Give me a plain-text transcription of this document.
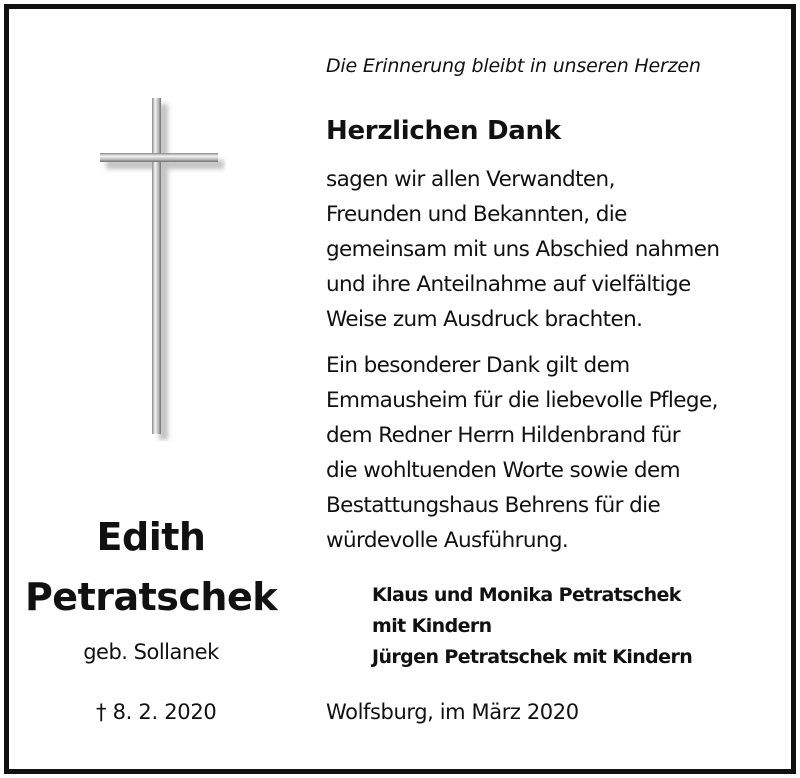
Die Erinnerung bleibt in unseren Herzen
Herzlichen Dank
sagen wir allen Verwandten,
Freunden und Bekannten, die
gemeinsam mit uns Abschied nahmen
und ihre Anteilnahme auf vielfältige
Weise zum Ausdruck brachten.
Ein besonderer Dank gilt dem
Emmausheim für die liebevolle Pflege,
dem Redner Herrn Hildenbrand für
die wohltuenden Worte sowie dem
Bestattungshaus Behrens für die
würdevolle Ausführung.
Edith
Petratschek
geb. Sollanek
† 8. 2. 2020
Klaus und Monika Petratschek
mit Kindern
Jürgen Petratschek mit Kindern
Wolfsburg, im März 2020
